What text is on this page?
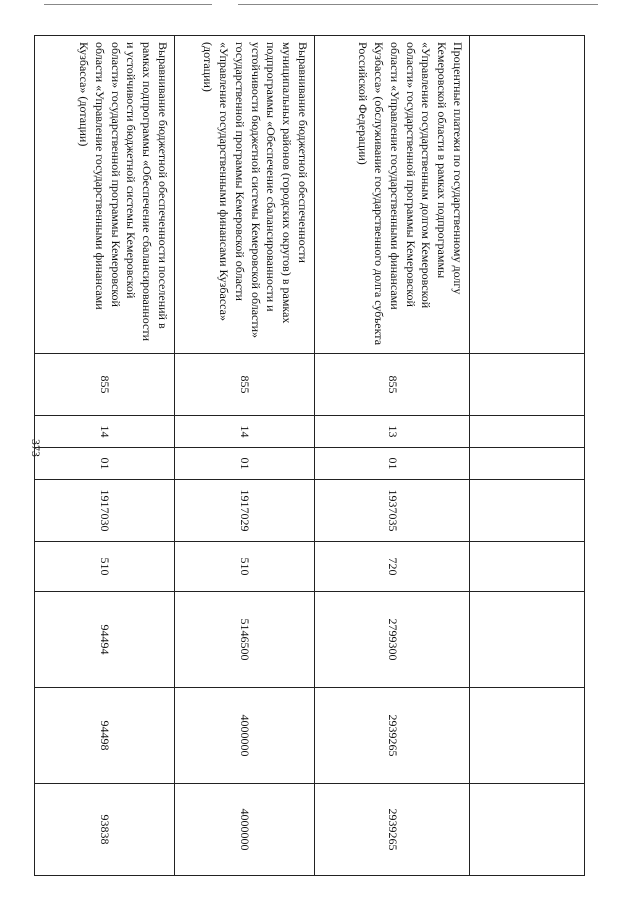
373

Процентные платежи по государственному долгу Кемеровской области в рамках подпрограммы «Управление государственным долгом Кемеровской области» государственной программы Кемеровской области «Управление государственными финансами Кузбасса» (обслуживание государственного долга субъекта Российской Федерации)	855	13	01	1937035	720	2799300	2939265	2939265
Выравнивание бюджетной обеспеченности муниципальных районов (городских округов) в рамках подпрограммы «Обеспечение сбалансированности и устойчивости бюджетной системы Кемеровской области» государственной программы Кемеровской области «Управление государственными финансами Кузбасса» (дотации)	855	14	01	1917029	510	5146500	4000000	4000000
Выравнивание бюджетной обеспеченности поселений в рамках подпрограммы «Обеспечение сбалансированности и устойчивости бюджетной системы Кемеровской области» государственной программы Кемеровской области «Управление государственными финансами Кузбасса» (дотации)	855	14	01	1917030	510	94494	94498	93838
